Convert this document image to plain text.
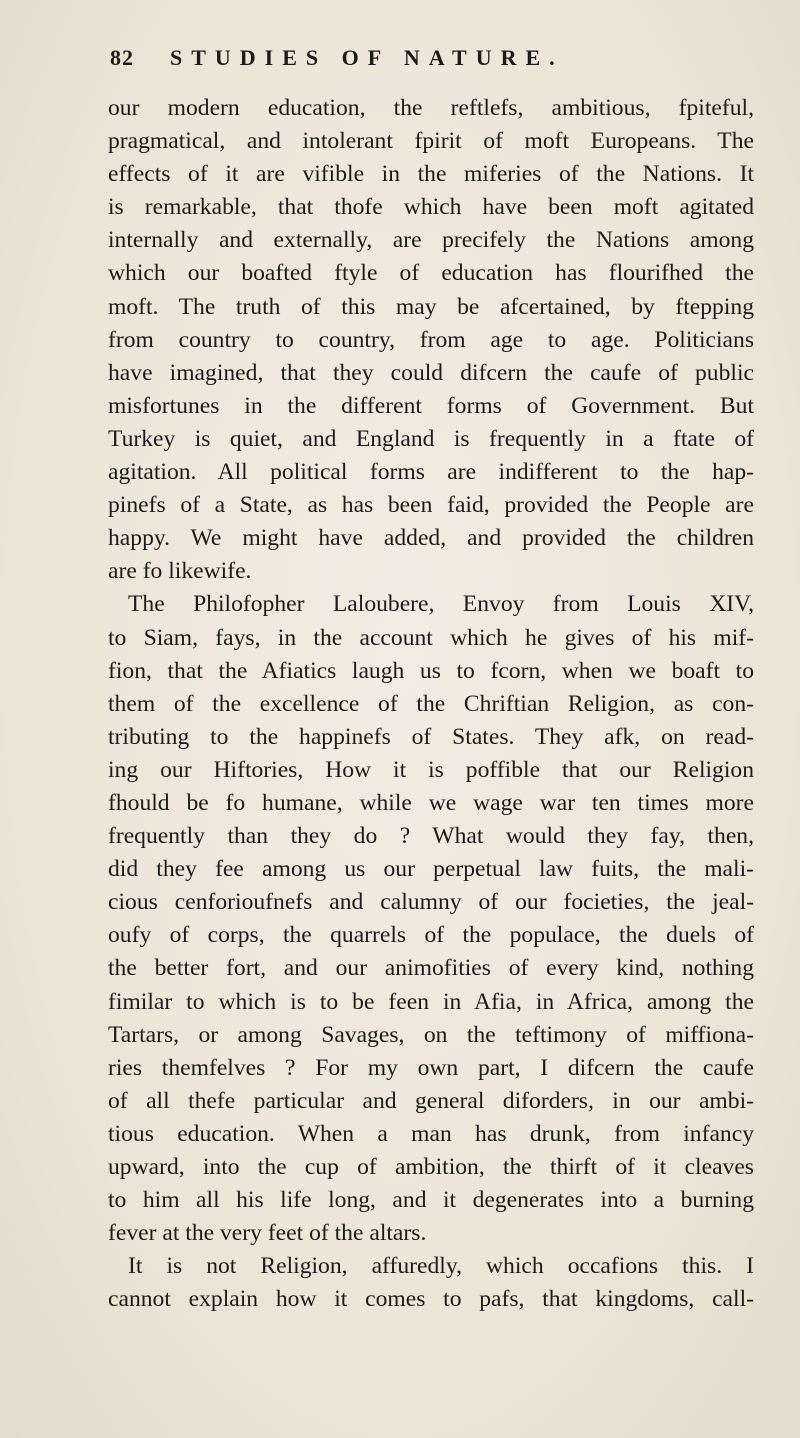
82	STUDIES OF NATURE.
our modern education, the reftlefs, ambitious, fpiteful,
pragmatical, and intolerant fpirit of moft Europeans. The
effects of it are vifible in the miferies of the Nations. It
is remarkable, that thofe which have been moft agitated
internally and externally, are precifely the Nations among
which our boafted ftyle of education has flourifhed the
moft. The truth of this may be afcertained, by ftepping
from country to country, from age to age. Politicians
have imagined, that they could difcern the caufe of public
misfortunes in the different forms of Government. But
Turkey is quiet, and England is frequently in a ftate of
agitation. All political forms are indifferent to the hap-
pinefs of a State, as has been faid, provided the People are
happy. We might have added, and provided the children
are fo likewife.
The Philofopher Laloubere, Envoy from Louis XIV,
to Siam, fays, in the account which he gives of his mif-
fion, that the Afiatics laugh us to fcorn, when we boaft to
them of the excellence of the Chriftian Religion, as con-
tributing to the happinefs of States. They afk, on read-
ing our Hiftories, How it is poffible that our Religion
fhould be fo humane, while we wage war ten times more
frequently than they do ? What would they fay, then,
did they fee among us our perpetual law fuits, the mali-
cious cenforioufnefs and calumny of our focieties, the jeal-
oufy of corps, the quarrels of the populace, the duels of
the better fort, and our animofities of every kind, nothing
fimilar to which is to be feen in Afia, in Africa, among the
Tartars, or among Savages, on the teftimony of miffiona-
ries themfelves ? For my own part, I difcern the caufe
of all thefe particular and general diforders, in our ambi-
tious education. When a man has drunk, from infancy
upward, into the cup of ambition, the thirft of it cleaves
to him all his life long, and it degenerates into a burning
fever at the very feet of the altars.
It is not Religion, affuredly, which occafions this. I
cannot explain how it comes to pafs, that kingdoms, call-
